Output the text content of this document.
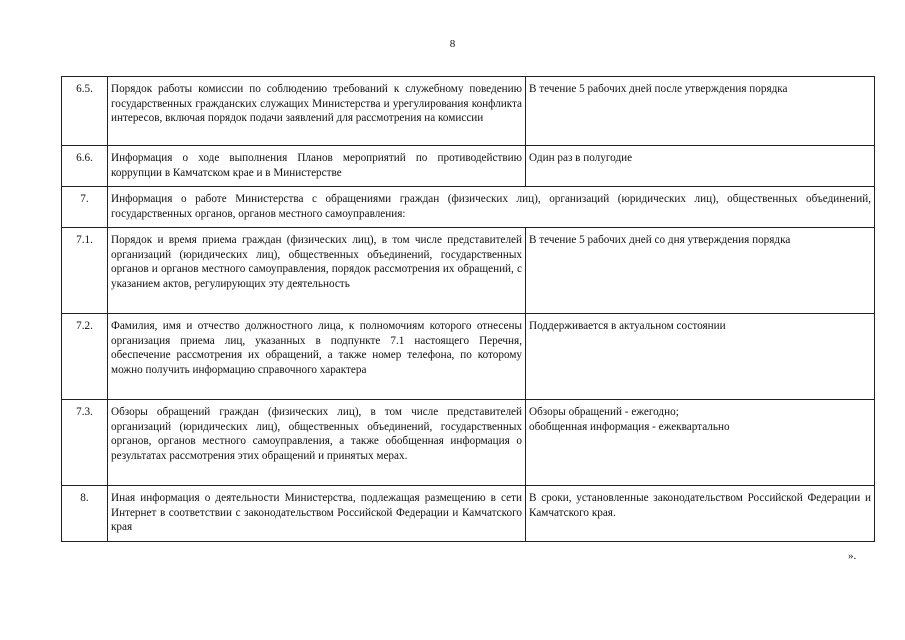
8
6.5.	Порядок работы комиссии по соблюдению требований к служебному поведению государственных гражданских служащих Министерства и урегулирования конфликта интересов, включая порядок подачи заявлений для рассмотрения на комиссии	В течение 5 рабочих дней после утверждения порядка
6.6.	Информация о ходе выполнения Планов мероприятий по противодействию коррупции в Камчатском крае и в Министерстве	Один раз в полугодие
7.	Информация о работе Министерства с обращениями граждан (физических лиц), организаций (юридических лиц), общественных объединений, государственных органов, органов местного самоуправления:	
7.1.	Порядок и время приема граждан (физических лиц), в том числе представителей организаций (юридических лиц), общественных объединений, государственных органов и органов местного самоуправления, порядок рассмотрения их обращений, с указанием актов, регулирующих эту деятельность	В течение 5 рабочих дней со дня утверждения порядка
7.2.	Фамилия, имя и отчество должностного лица, к полномочиям которого отнесены организация приема лиц, указанных в подпункте 7.1 настоящего Перечня, обеспечение рассмотрения их обращений, а также номер телефона, по которому можно получить информацию справочного характера	Поддерживается в актуальном состоянии
7.3.	Обзоры обращений граждан (физических лиц), в том числе представителей организаций (юридических лиц), общественных объединений, государственных органов, органов местного самоуправления, а также обобщенная информация о результатах рассмотрения этих обращений и принятых мерах.	Обзоры обращений - ежегодно;
обобщенная информация - ежеквартально

8.	Иная информация о деятельности Министерства, подлежащая размещению в сети Интернет в соответствии с законодательством Российской Федерации и Камчатского края	В сроки, установленные законодательством Российской Федерации и Камчатского края.
».
